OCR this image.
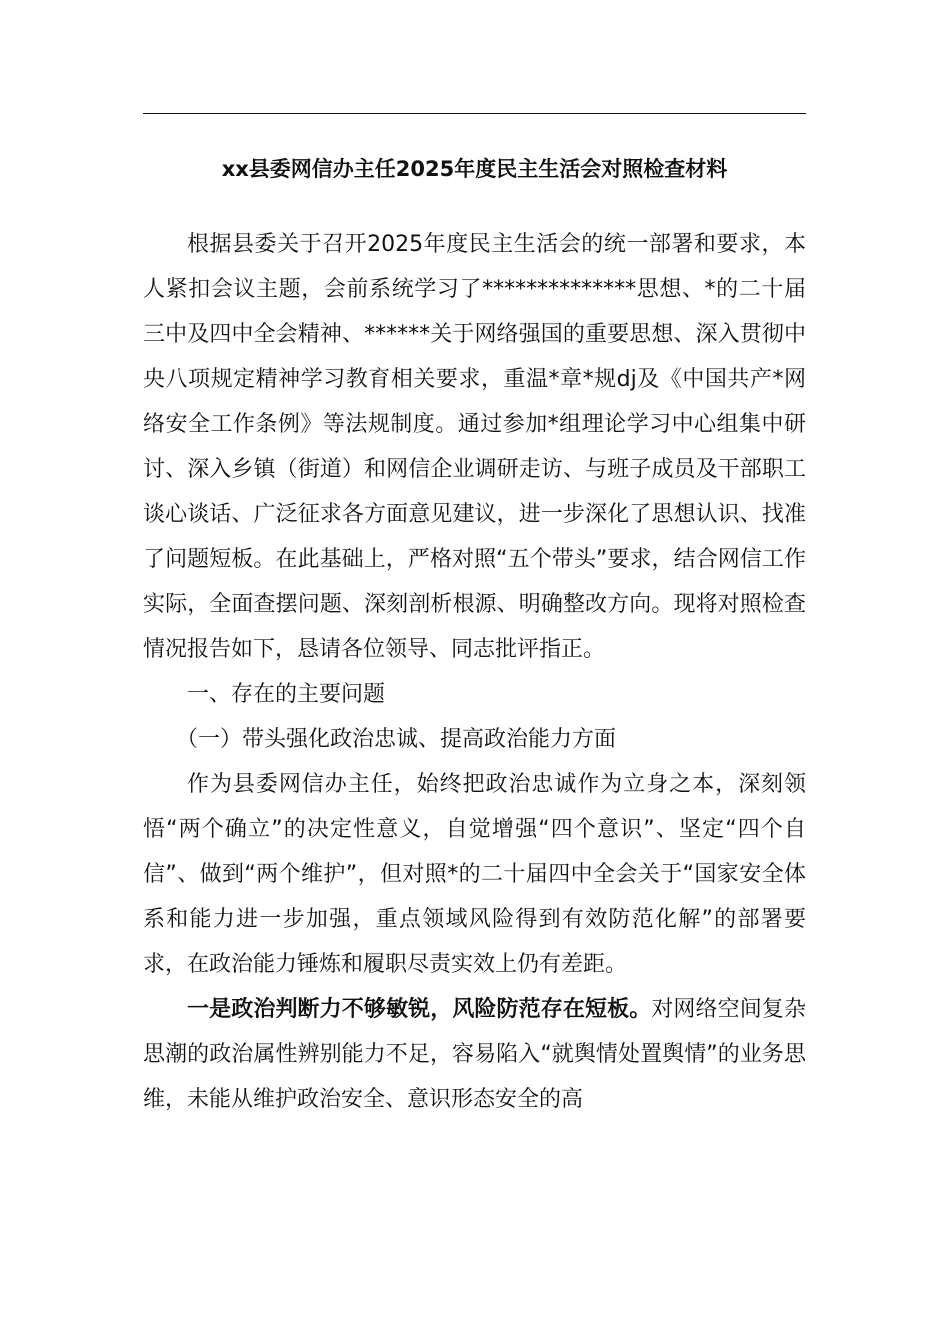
xx县委网信办主任2025年度民主生活会对照检查材料

根据县委关于召开2025年度民主生活会的统一部署和要求，本人紧扣会议主题，会前系统学习了**************思想、*的二十届三中及四中全会精神、******关于网络强国的重要思想、深入贯彻中央八项规定精神学习教育相关要求，重温*章*规dj及《中国共产*网络安全工作条例》等法规制度。通过参加*组理论学习中心组集中研讨、深入乡镇（街道）和网信企业调研走访、与班子成员及干部职工谈心谈话、广泛征求各方面意见建议，进一步深化了思想认识、找准了问题短板。在此基础上，严格对照“五个带头”要求，结合网信工作实际，全面查摆问题、深刻剖析根源、明确整改方向。现将对照检查情况报告如下，恳请各位领导、同志批评指正。

一、存在的主要问题

（一）带头强化政治忠诚、提高政治能力方面

作为县委网信办主任，始终把政治忠诚作为立身之本，深刻领悟“两个确立”的决定性意义，自觉增强“四个意识”、坚定“四个自信”、做到“两个维护”，但对照*的二十届四中全会关于“国家安全体系和能力进一步加强，重点领域风险得到有效防范化解”的部署要求，在政治能力锤炼和履职尽责实效上仍有差距。

一是政治判断力不够敏锐，风险防范存在短板。对网络空间复杂思潮的政治属性辨别能力不足，容易陷入“就舆情处置舆情”的业务思维，未能从维护政治安全、意识形态安全的高
